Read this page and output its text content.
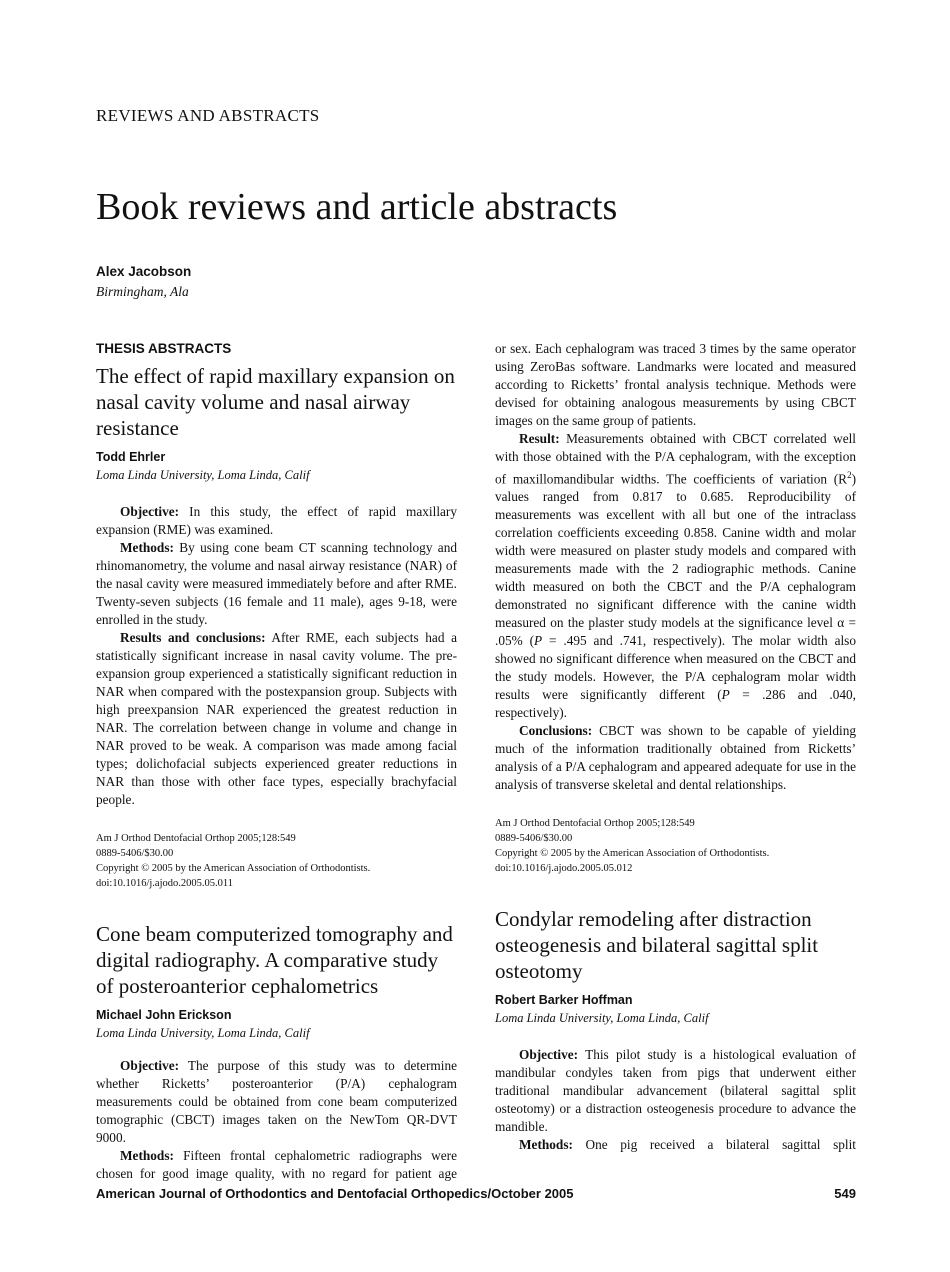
REVIEWS AND ABSTRACTS
Book reviews and article abstracts
Alex Jacobson
Birmingham, Ala
THESIS ABSTRACTS
The effect of rapid maxillary expansion on nasal cavity volume and nasal airway resistance
Todd Ehrler
Loma Linda University, Loma Linda, Calif

Objective: In this study, the effect of rapid maxillary expansion (RME) was examined.

Methods: By using cone beam CT scanning technology and rhinomanometry, the volume and nasal airway resistance (NAR) of the nasal cavity were measured immediately before and after RME. Twenty-seven subjects (16 female and 11 male), ages 9-18, were enrolled in the study.

Results and conclusions: After RME, each subjects had a statistically significant increase in nasal cavity volume. The pre-expansion group experienced a statistically significant reduction in NAR when compared with the postexpansion group. Subjects with high preexpansion NAR experienced the greatest reduction in NAR. The correlation between change in volume and change in NAR proved to be weak. A comparison was made among facial types; dolichofacial subjects experienced greater reductions in NAR than those with other face types, especially brachyfacial people.

Am J Orthod Dentofacial Orthop 2005;128:549

0889-5406/$30.00

Copyright © 2005 by the American Association of Orthodontists.

doi:10.1016/j.ajodo.2005.05.011

Cone beam computerized tomography and digital radiography. A comparative study of posteroanterior cephalometrics
Michael John Erickson
Loma Linda University, Loma Linda, Calif

Objective: The purpose of this study was to determine whether Ricketts’ posteroanterior (P/A) cephalogram measurements could be obtained from cone beam computerized tomographic (CBCT) images taken on the NewTom QR-DVT 9000.

Methods: Fifteen frontal cephalometric radiographs were chosen for good image quality, with no regard for patient age

or sex. Each cephalogram was traced 3 times by the same operator using ZeroBas software. Landmarks were located and measured according to Ricketts’ frontal analysis technique. Methods were devised for obtaining analogous measurements by using CBCT images on the same group of patients.

Result: Measurements obtained with CBCT correlated well with those obtained with the P/A cephalogram, with the exception of maxillomandibular widths. The coefficients of variation $(R^2)$ values ranged from 0.817 to 0.685. Reproducibility of measurements was excellent with all but one of the intraclass correlation coefficients exceeding 0.858. Canine width and molar width were measured on plaster study models and compared with measurements made with the 2 radiographic methods. Canine width measured on both the CBCT and the P/A cephalogram demonstrated no significant difference with the canine width measured on the plaster study models at the significance level α = .05% (P = .495 and .741, respectively). The molar width also showed no significant difference when measured on the CBCT and the study models. However, the P/A cephalogram molar width results were significantly different (P = .286 and .040, respectively).

Conclusions: CBCT was shown to be capable of yielding much of the information traditionally obtained from Ricketts’ analysis of a P/A cephalogram and appeared adequate for use in the analysis of transverse skeletal and dental relationships.

Am J Orthod Dentofacial Orthop 2005;128:549

0889-5406/$30.00

Copyright © 2005 by the American Association of Orthodontists.

doi:10.1016/j.ajodo.2005.05.012

Condylar remodeling after distraction osteogenesis and bilateral sagittal split osteotomy
Robert Barker Hoffman
Loma Linda University, Loma Linda, Calif

Objective: This pilot study is a histological evaluation of mandibular condyles taken from pigs that underwent either traditional mandibular advancement (bilateral sagittal split osteotomy) or a distraction osteogenesis procedure to advance the mandible.

Methods: One pig received a bilateral sagittal split

American Journal of Orthodontics and Dentofacial Orthopedics/October 2005	549
